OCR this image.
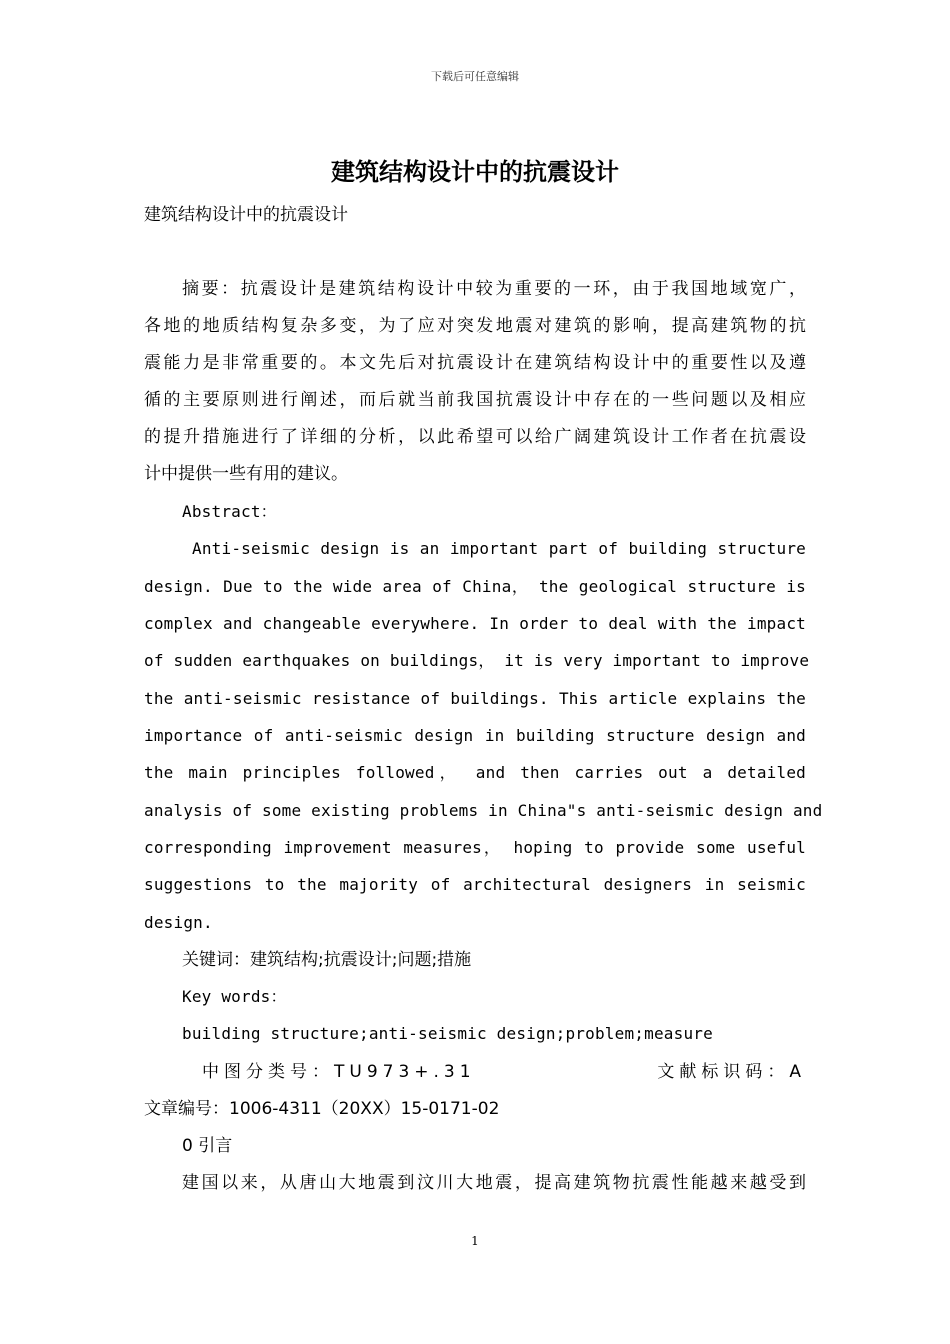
下载后可任意编辑
建筑结构设计中的抗震设计
建筑结构设计中的抗震设计
摘要：抗震设计是建筑结构设计中较为重要的一环，由于我国地域宽广，
各地的地质结构复杂多变，为了应对突发地震对建筑的影响，提高建筑物的抗
震能力是非常重要的。本文先后对抗震设计在建筑结构设计中的重要性以及遵
循的主要原则进行阐述，而后就当前我国抗震设计中存在的一些问题以及相应
的提升措施进行了详细的分析，以此希望可以给广阔建筑设计工作者在抗震设
计中提供一些有用的建议。
Abstract：
Anti-seismic design is an important part of building structure
design. Due to the wide area of China， the geological structure is
complex and changeable everywhere. In order to deal with the impact
of sudden earthquakes on buildings， it is very important to improve
the anti-seismic resistance of buildings. This article explains the
importance of anti-seismic design in building structure design and
the main principles followed， and then carries out a detailed
analysis of some existing problems in China"s anti-seismic design and
corresponding improvement measures， hoping to provide some useful
suggestions to the majority of architectural designers in seismic
design.
关键词：建筑结构;抗震设计;问题;措施
Key words：
building structure;anti-seismic design;problem;measure
中图分类号：TU973+.31	文献标识码：A
文章编号：1006-4311（20XX）15-0171-02
0 引言
建国以来，从唐山大地震到汶川大地震，提高建筑物抗震性能越来越受到
1
